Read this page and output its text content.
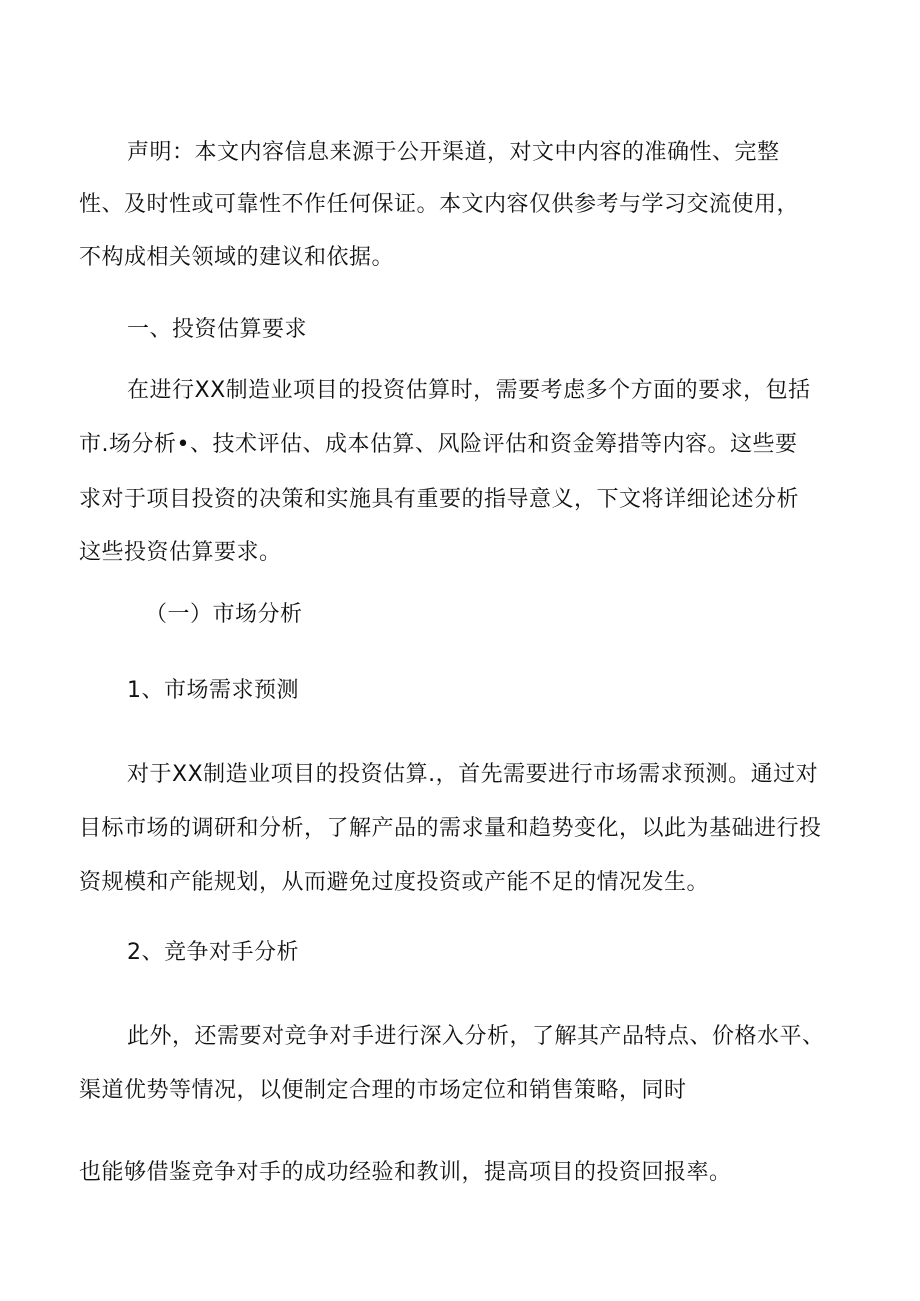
声明：本文内容信息来源于公开渠道，对文中内容的准确性、完整
性、及时性或可靠性不作任何保证。本文内容仅供参考与学习交流使用，
不构成相关领域的建议和依据。
一、投资估算要求
在进行XX制造业项目的投资估算时，需要考虑多个方面的要求，包括
市.场分析•、技术评估、成本估算、风险评估和资金筹措等内容。这些要
求对于项目投资的决策和实施具有重要的指导意义，下文将详细论述分析
这些投资估算要求。
（一）市场分析
1、市场需求预测
对于XX制造业项目的投资估算.，首先需要进行市场需求预测。通过对
目标市场的调研和分析，了解产品的需求量和趋势变化，以此为基础进行投
资规模和产能规划，从而避免过度投资或产能不足的情况发生。
2、竞争对手分析
此外，还需要对竞争对手进行深入分析，了解其产品特点、价格水平、
渠道优势等情况，以便制定合理的市场定位和销售策略，同时
也能够借鉴竞争对手的成功经验和教训，提高项目的投资回报率。
